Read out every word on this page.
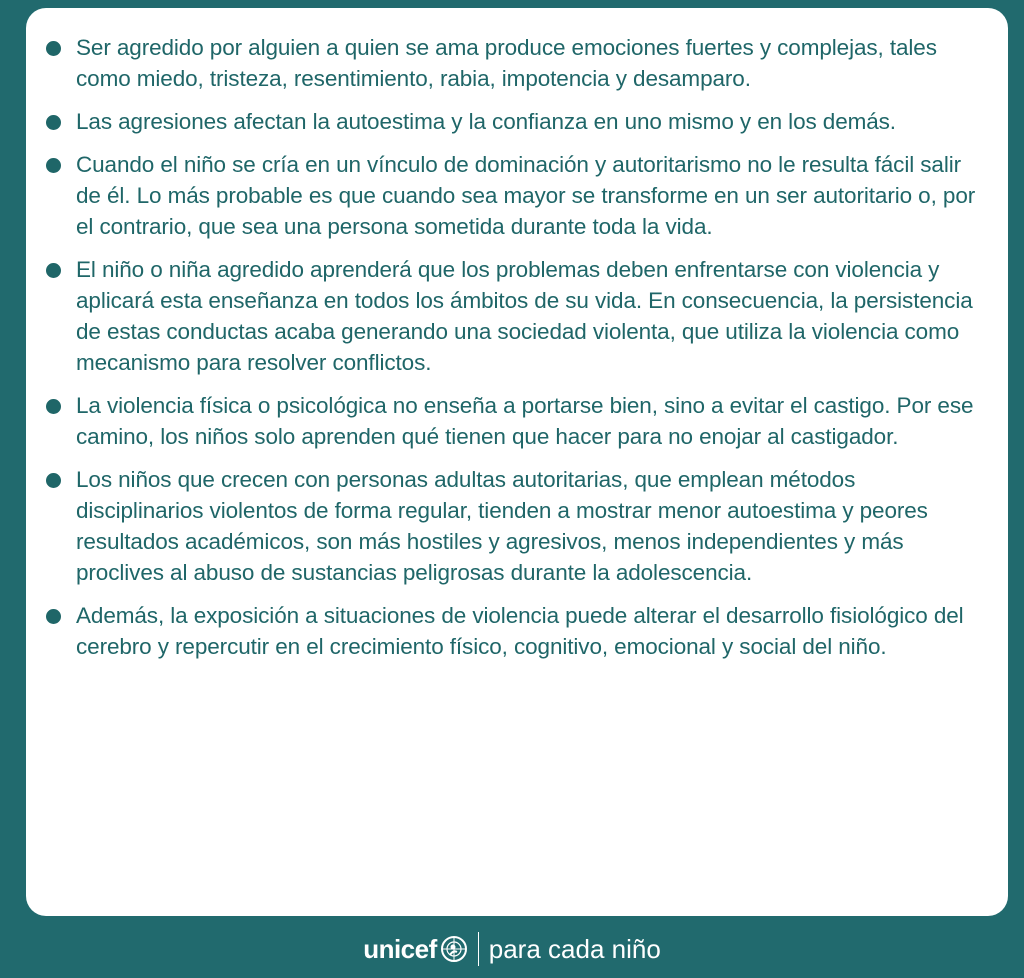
Ser agredido por alguien a quien se ama produce emociones fuertes y complejas, tales como miedo, tristeza, resentimiento, rabia, impotencia y desamparo.
Las agresiones afectan la autoestima y la confianza en uno mismo y en los demás.
Cuando el niño se cría en un vínculo de dominación y autoritarismo no le resulta fácil salir de él. Lo más probable es que cuando sea mayor se transforme en un ser autoritario o, por el contrario, que sea una persona sometida durante toda la vida.
El niño o niña agredido aprenderá que los problemas deben enfrentarse con violencia y aplicará esta enseñanza en todos los ámbitos de su vida. En consecuencia, la persistencia de estas conductas acaba generando una sociedad violenta, que utiliza la violencia como mecanismo para resolver conflictos.
La violencia física o psicológica no enseña a portarse bien, sino a evitar el castigo. Por ese camino, los niños solo aprenden qué tienen que hacer para no enojar al castigador.
Los niños que crecen con personas adultas autoritarias, que emplean métodos disciplinarios violentos de forma regular, tienden a mostrar menor autoestima y peores resultados académicos, son más hostiles y agresivos, menos independientes y más proclives al abuso de sustancias peligrosas durante la adolescencia.
Además, la exposición a situaciones de violencia puede alterar el desarrollo fisiológico del cerebro y repercutir en el crecimiento físico, cognitivo, emocional y social del niño.
unicef para cada niño
